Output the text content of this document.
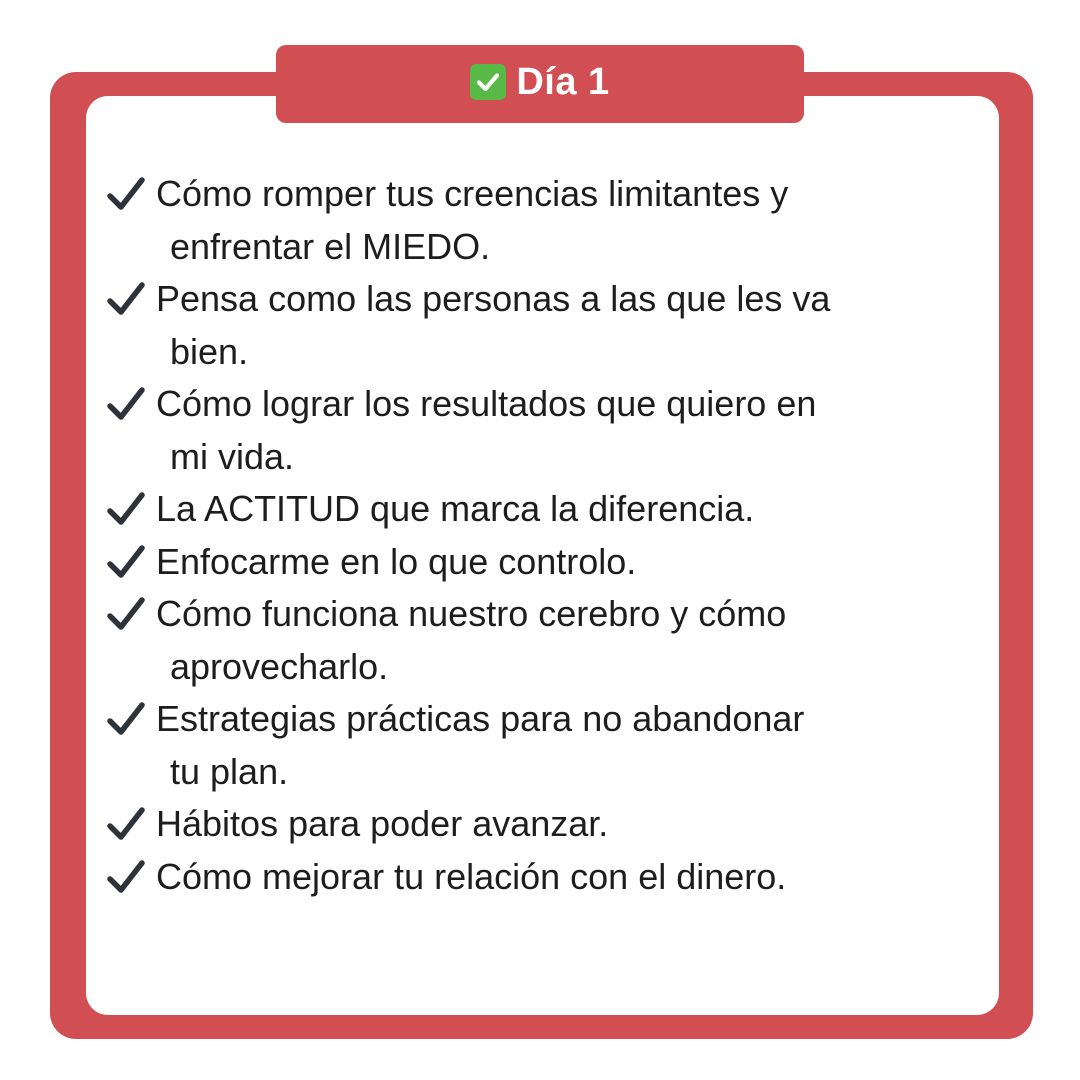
Día 1
Cómo romper tus creencias limitantes y
enfrentar el MIEDO.
Pensa como las personas a las que les va
bien.
Cómo lograr los resultados que quiero en
mi vida.
La ACTITUD que marca la diferencia.
Enfocarme en lo que controlo.
Cómo funciona nuestro cerebro y cómo
aprovecharlo.
Estrategias prácticas para no abandonar
tu plan.
Hábitos para poder avanzar.
Cómo mejorar tu relación con el dinero.
